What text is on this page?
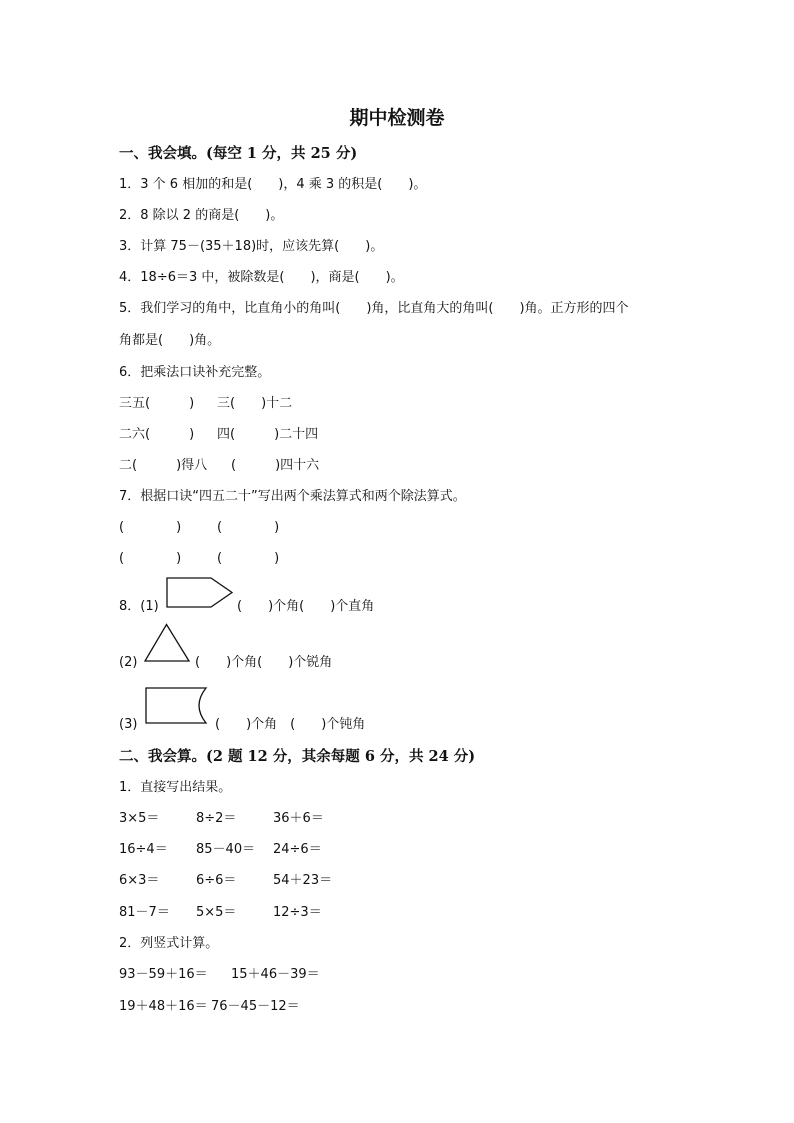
期中检测卷
一、我会填。(每空 1 分，共 25 分)
1．3 个 6 相加的和是(　　)，4 乘 3 的积是(　　)。
2．8 除以 2 的商是(　　)。
3．计算 75－(35＋18)时，应该先算(　　)。
4．18÷6＝3 中，被除数是(　　)，商是(　　)。
5．我们学习的角中，比直角小的角叫(　　)角，比直角大的角叫(　　)角。正方形的四个
角都是(　　)角。
6．把乘法口诀补充完整。
三五(　　　) 三(　　)十二
二六(　　　) 四(　　　)二十四
二(　　　)得八 (　　　)四十六
7．根据口诀“四五二十”写出两个乘法算式和两个除法算式。
(　　　　)	(　　　　)
(　　　　)	(　　　　)
8．(1)	(　　)个角(　　)个直角
(2)	(　　)个角(　　)个锐角
(3)	(　　)个角　(　　)个钝角
二、我会算。(2 题 12 分，其余每题 6 分，共 24 分)
1．直接写出结果。
3×5＝	8÷2＝	36＋6＝
16÷4＝ 85－40＝ 24÷6＝
6×3＝	6÷6＝	54＋23＝
81－7＝ 5×5＝	12÷3＝
2．列竖式计算。
93－59＋16＝ 15＋46－39＝
19＋48＋16＝ 76－45－12＝
